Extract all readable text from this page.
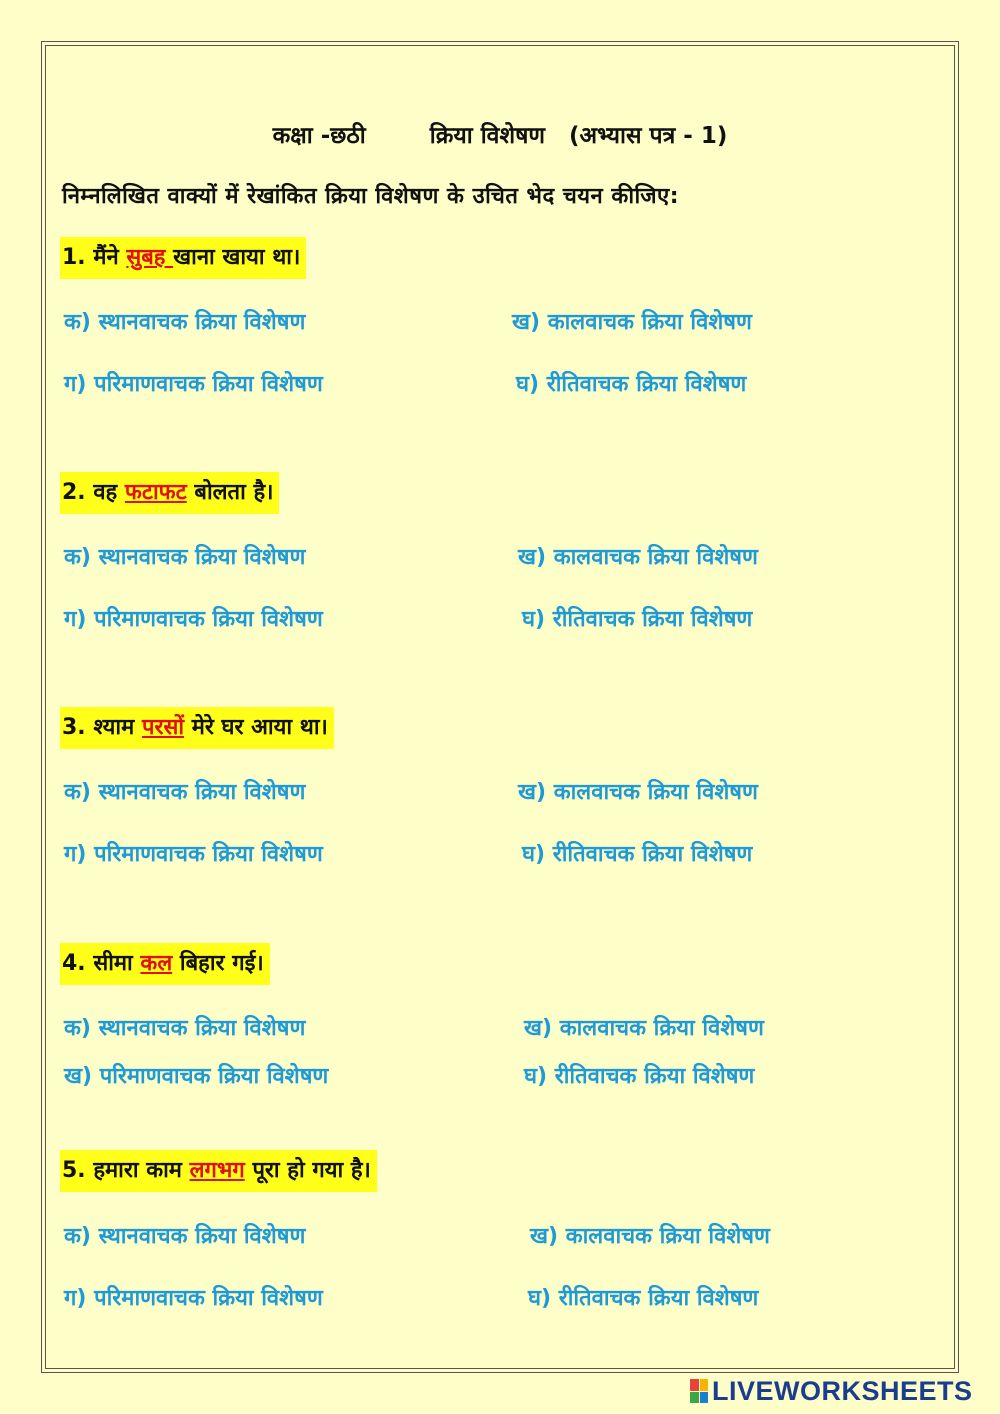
कक्षा -छठी        क्रिया विशेषण   (अभ्यास पत्र - 1)
निम्नलिखित वाक्यों में रेखांकित क्रिया विशेषण के उचित भेद चयन कीजिए:
1. मैंने सुबह खाना खाया था।
क) स्थानवाचक क्रिया विशेषण	ख) कालवाचक क्रिया विशेषण
ग) परिमाणवाचक क्रिया विशेषण	घ) रीतिवाचक क्रिया विशेषण
2. वह फटाफट बोलता है।
क) स्थानवाचक क्रिया विशेषण	ख) कालवाचक क्रिया विशेषण
ग) परिमाणवाचक क्रिया विशेषण	घ) रीतिवाचक क्रिया विशेषण
3. श्याम परसों मेरे घर आया था।
क) स्थानवाचक क्रिया विशेषण	ख) कालवाचक क्रिया विशेषण
ग) परिमाणवाचक क्रिया विशेषण	घ) रीतिवाचक क्रिया विशेषण
4. सीमा कल बिहार गई।
क) स्थानवाचक क्रिया विशेषण	ख) कालवाचक क्रिया विशेषण
ख) परिमाणवाचक क्रिया विशेषण	घ) रीतिवाचक क्रिया विशेषण
5. हमारा काम लगभग पूरा हो गया है।
क) स्थानवाचक क्रिया विशेषण	ख) कालवाचक क्रिया विशेषण
ग) परिमाणवाचक क्रिया विशेषण	घ) रीतिवाचक क्रिया विशेषण
LIVEWORKSHEETS
